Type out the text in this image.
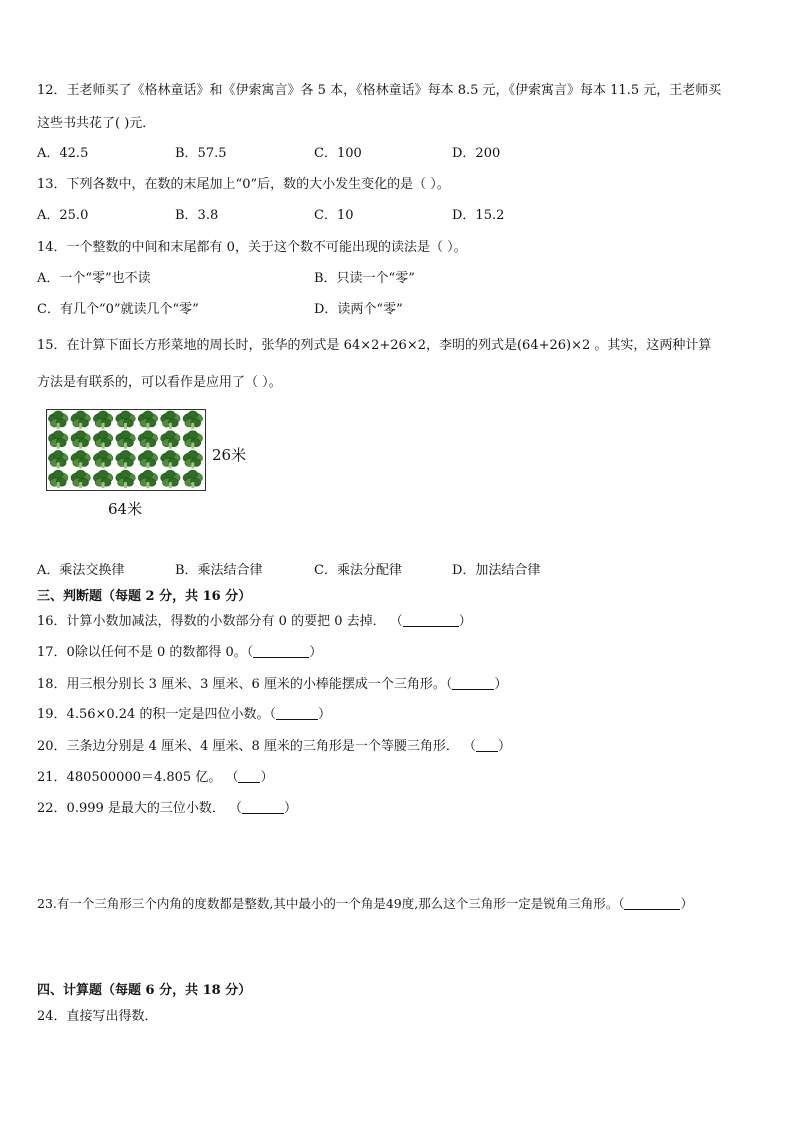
12．王老师买了《格林童话》和《伊索寓言》各 5 本，《格林童话》每本 8.5 元，《伊索寓言》每本 11.5 元，王老师买
这些书共花了( )元．
A．42.5	B．57.5	C．100	D．200
13．下列各数中，在数的末尾加上“0”后，数的大小发生变化的是（ ）。
A．25.0	B．3.8	C．10	D．15.2
14．一个整数的中间和末尾都有 0，关于这个数不可能出现的读法是（ ）。
A．一个“零”也不读	B．只读一个“零”
C．有几个“0”就读几个“零”	D．读两个“零”
15．在计算下面长方形菜地的周长时，张华的列式是 64×2+26×2，李明的列式是(64+26)×2 。其实，这两种计算
方法是有联系的，可以看作是应用了（ ）。
26米
64米
A．乘法交换律	B．乘法结合律	C．乘法分配律	D．加法结合律
三、判断题（每题 2 分，共 16 分）
16．计算小数加减法，得数的小数部分有 0 的要把 0 去掉． （	）
17．0除以任何不是 0 的数都得 0。（	）
18．用三根分别长 3 厘米、3 厘米、6 厘米的小棒能摆成一个三角形。（	）
19．4.56×0.24 的积一定是四位小数。（	）
20．三条边分别是 4 厘米、4 厘米、8 厘米的三角形是一个等腰三角形． （ ）
21．480500000＝4.805 亿。 （ ）
22．0.999 是最大的三位小数． （	）
23.有一个三角形三个内角的度数都是整数,其中最小的一个角是49度,那么这个三角形一定是锐角三角形。（	）
四、计算题（每题 6 分，共 18 分）
24．直接写出得数．
